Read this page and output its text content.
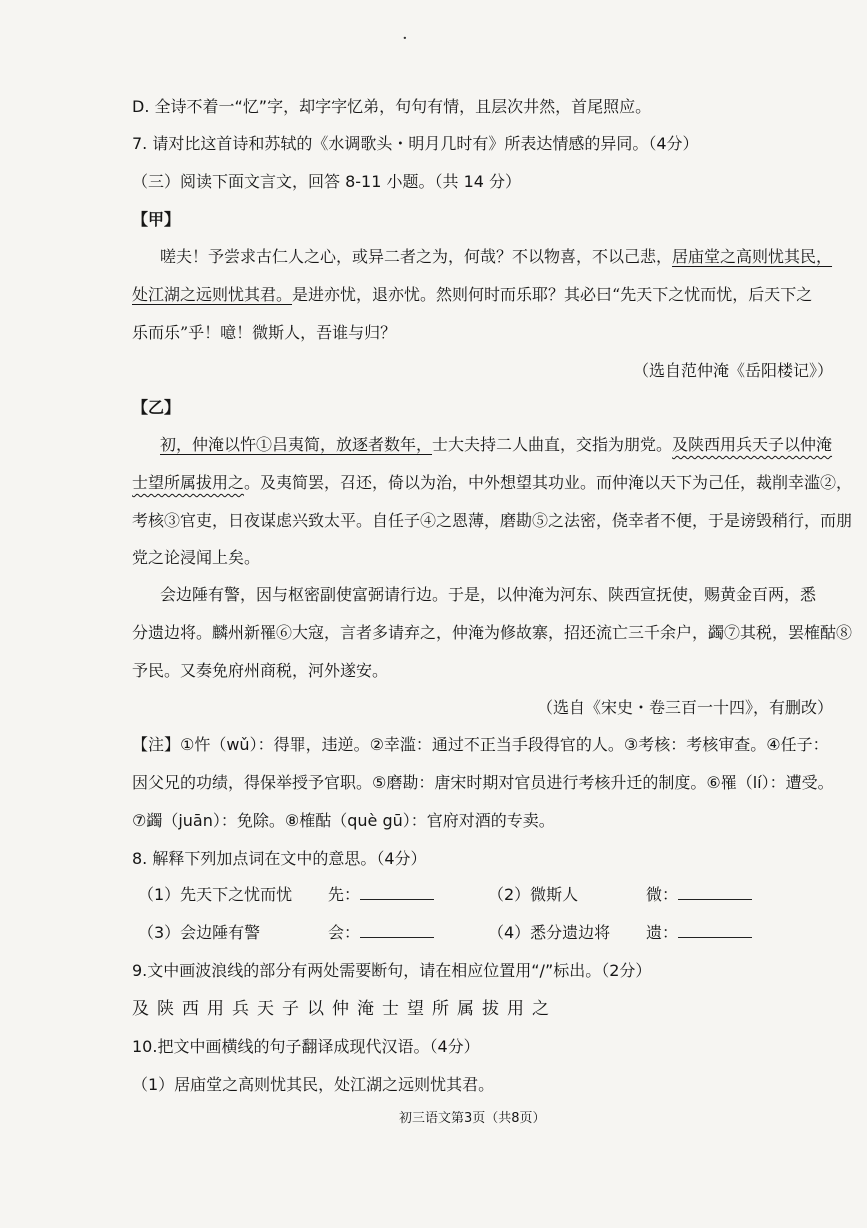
·
D. 全诗不着一“忆”字，却字字忆弟，句句有情，且层次井然，首尾照应。
7. 请对比这首诗和苏轼的《水调歌头・明月几时有》所表达情感的异同。（4分）
（三）阅读下面文言文，回答 8-11 小题。（共 14 分）
【甲】
嗟夫！予尝求古仁人之心，或异二者之为，何哉？不以物喜，不以己悲，居庙堂之高则忧其民，
处江湖之远则忧其君。是进亦忧，退亦忧。然则何时而乐耶？其必曰“先天下之忧而忧，后天下之
乐而乐”乎！噫！微斯人，吾谁与归？
（选自范仲淹《岳阳楼记》）
【乙】
初，仲淹以忤①吕夷简，放逐者数年，士大夫持二人曲直，交指为朋党。及陕西用兵天子以仲淹
士望所属拔用之。及夷简罢，召还，倚以为治，中外想望其功业。而仲淹以天下为己任，裁削幸滥②，
考核③官吏，日夜谋虑兴致太平。自任子④之恩薄，磨勘⑤之法密，侥幸者不便，于是谤毁稍行，而朋
党之论浸闻上矣。
会边陲有警，因与枢密副使富弼请行边。于是，以仲淹为河东、陕西宣抚使，赐黄金百两，悉
分遗边将。麟州新罹⑥大寇，言者多请弃之，仲淹为修故寨，招还流亡三千余户，蠲⑦其税，罢榷酤⑧
予民。又奏免府州商税，河外遂安。
（选自《宋史・卷三百一十四》，有删改）
【注】①忤（wǔ）：得罪，违逆。②幸滥：通过不正当手段得官的人。③考核：考核审查。④任子：
因父兄的功绩，得保举授予官职。⑤磨勘：唐宋时期对官员进行考核升迁的制度。⑥罹（lí）：遭受。
⑦蠲（juān）：免除。⑧榷酤（què gū）：官府对酒的专卖。
8. 解释下列加点词在文中的意思。（4分）
（1）先天下之忧而忧 先：	（2）微斯人	微：
（3）会边陲有警	会：	（4）悉分遗边将 遗：
9.文中画波浪线的部分有两处需要断句，请在相应位置用“/”标出。（2分）
及陕西用兵天子以仲淹士望所属拔用之
10.把文中画横线的句子翻译成现代汉语。（4分）
（1）居庙堂之高则忧其民，处江湖之远则忧其君。
初三语文第3页（共8页）
